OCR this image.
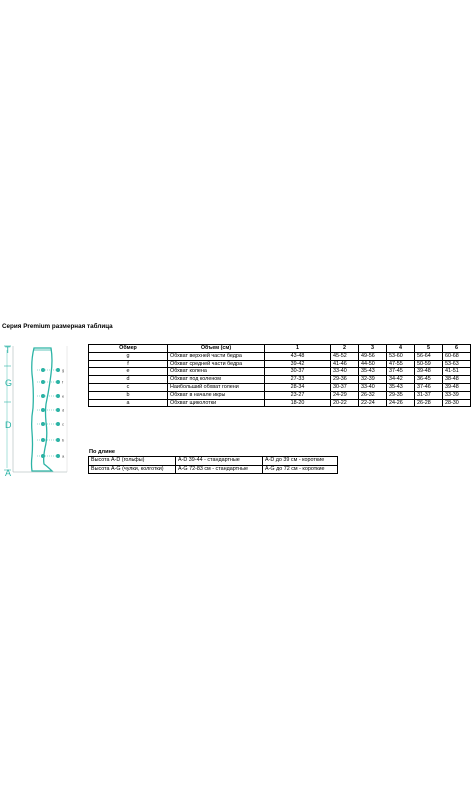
Серия Premium размерная таблица
T
G
D
A
g
f
e
d
c
b
a
Обмер	Объем (см)	1	2	3	4	5	6
g	Обхват верхней части бедра	43-48	45-52	49-56	53-60	56-64	60-68
f	Обхват средней части бедра	39-42	41-46	44-50	47-55	50-59	53-63
e	Обхват колена	30-37	33-40	35-43	37-45	39-48	41-51
d	Обхват под коленом	27-33	29-36	32-39	34-42	36-45	38-48
c	Наибольший обхват голени	28-34	30-37	33-40	35-43	37-46	39-48
b	Обхват в начале икры	23-27	24-29	26-32	29-35	31-37	33-39
a	Обхват щиколотки	18-20	20-22	22-24	24-26	26-28	28-30
По длине
Высота A-D (гольфы)	A-D 39-44 - стандартные	A-D до 39 см - короткие
Высота A-G (чулки, колготки)	A-G 72-83 см - стандартные	A-G до 72 см - короткие
